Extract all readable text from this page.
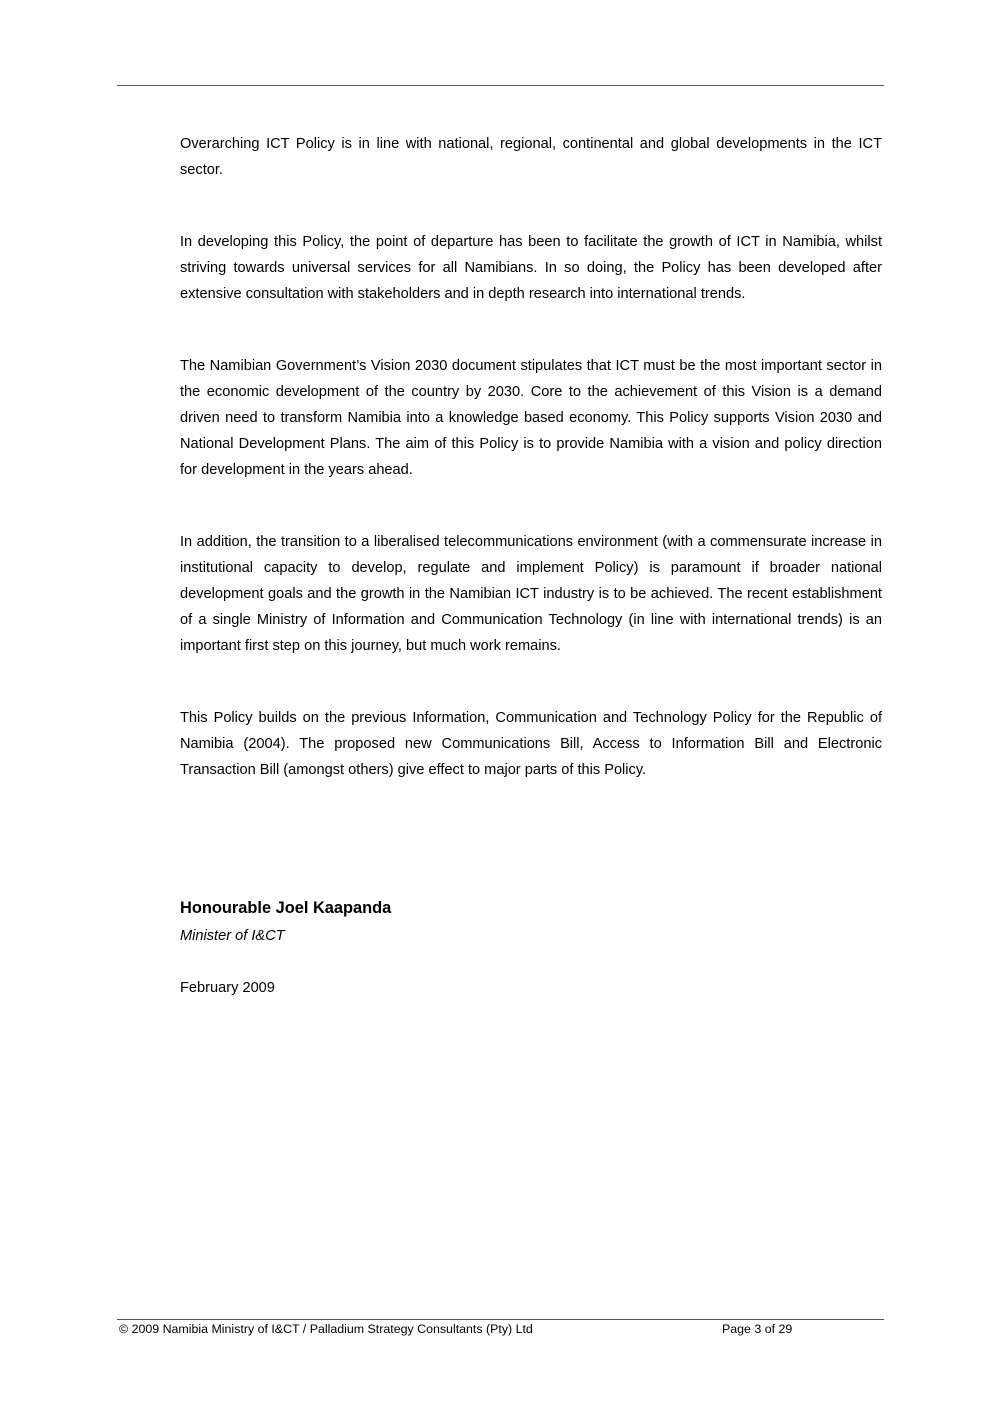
Overarching ICT Policy is in line with national, regional, continental and global developments in the ICT sector.

In developing this Policy, the point of departure has been to facilitate the growth of ICT in Namibia, whilst striving towards universal services for all Namibians. In so doing, the Policy has been developed after extensive consultation with stakeholders and in depth research into international trends.

The Namibian Government’s Vision 2030 document stipulates that ICT must be the most important sector in the economic development of the country by 2030. Core to the achievement of this Vision is a demand driven need to transform Namibia into a knowledge based economy. This Policy supports Vision 2030 and National Development Plans. The aim of this Policy is to provide Namibia with a vision and policy direction for development in the years ahead.

In addition, the transition to a liberalised telecommunications environment (with a commensurate increase in institutional capacity to develop, regulate and implement Policy) is paramount if broader national development goals and the growth in the Namibian ICT industry is to be achieved. The recent establishment of a single Ministry of Information and Communication Technology (in line with international trends) is an important first step on this journey, but much work remains.

This Policy builds on the previous Information, Communication and Technology Policy for the Republic of Namibia (2004). The proposed new Communications Bill, Access to Information Bill and Electronic Transaction Bill (amongst others) give effect to major parts of this Policy.

Honourable Joel Kaapanda

Minister of I&CT

February 2009

© 2009 Namibia Ministry of I&CT / Palladium Strategy Consultants (Pty) Ltd	Page 3 of 29
